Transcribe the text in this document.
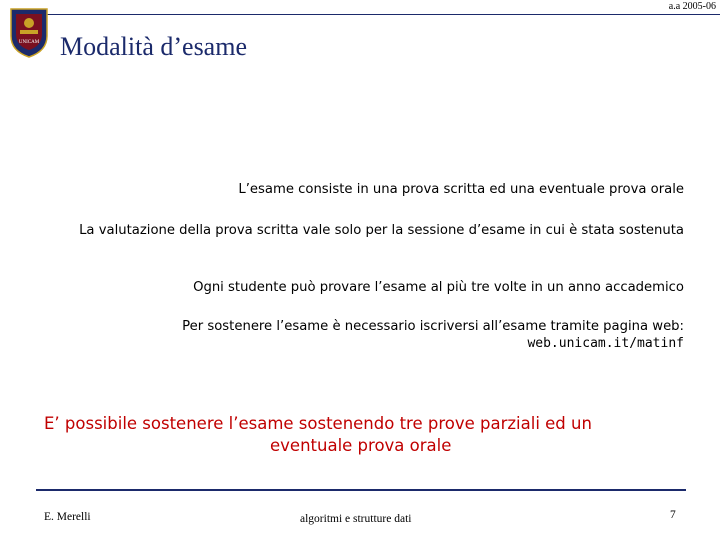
a.a 2005-06
UNICAM Modalità d’esame
L’esame consiste in una prova scritta ed una eventuale prova orale
La valutazione della prova scritta vale solo per la sessione d’esame in cui è stata sostenuta
Ogni studente può provare l’esame al più tre volte in un anno accademico
Per sostenere l’esame è necessario iscriversi all’esame tramite pagina web:
web.unicam.it/matinf
E’ possibile sostenere l’esame sostenendo tre prove parziali ed un
eventuale prova orale
E. Merelli	algoritmi e strutture dati	7
